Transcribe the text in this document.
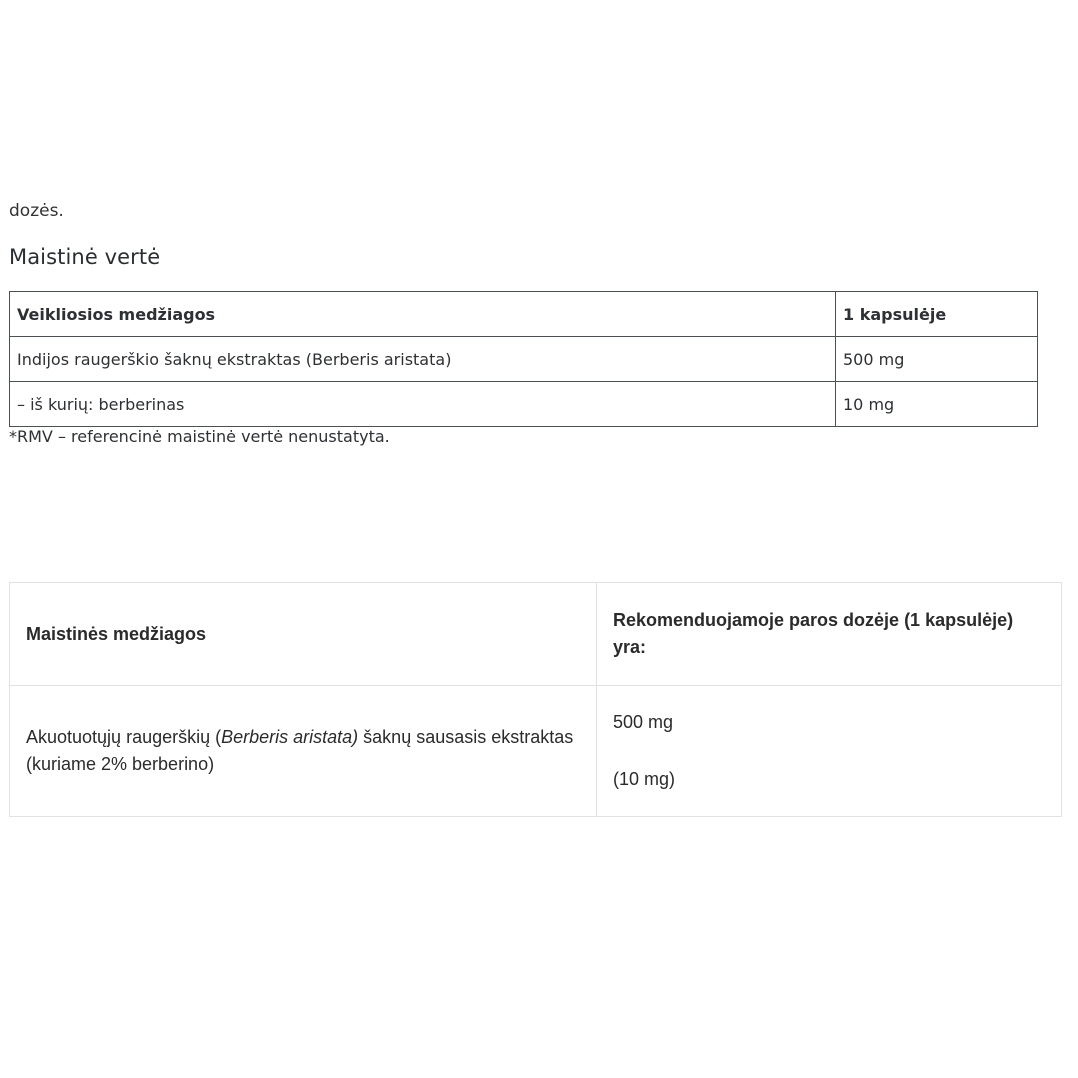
dozės.
Maistinė vertė
Veikliosios medžiagos	1 kapsulėje
Indijos raugerškio šaknų ekstraktas (Berberis aristata)	500 mg
– iš kurių: berberinas	10 mg
*RMV – referencinė maistinė vertė nenustatyta.
Maistinės medžiagos	Rekomenduojamoje paros dozėje (1 kapsulėje) yra:
Akuotuotųjų raugerškių (Berberis aristata) šaknų sausasis ekstraktas (kuriame 2% berberino)	500 mg

(10 mg)
